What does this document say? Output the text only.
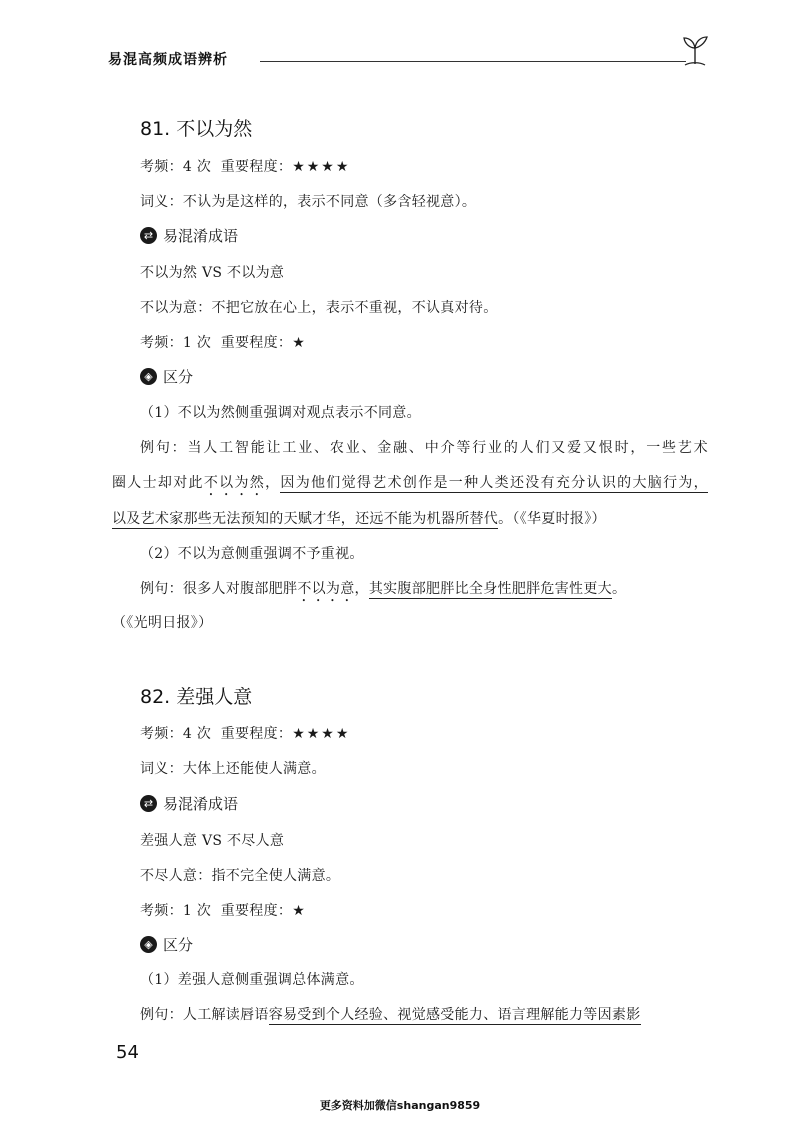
易混高频成语辨析
81. 不以为然
考频：4 次 重要程度：★★★★
词义：不认为是这样的，表示不同意（多含轻视意）。
⇄ 易混淆成语
不以为然 VS 不以为意
不以为意：不把它放在心上，表示不重视，不认真对待。
考频：1 次 重要程度：★
◈ 区分
（1）不以为然侧重强调对观点表示不同意。
例句：当人工智能让工业、农业、金融、中介等行业的人们又爱又恨时，一些艺术
圈人士却对此不以为然，因为他们觉得艺术创作是一种人类还没有充分认识的大脑行为，
以及艺术家那些无法预知的天赋才华，还远不能为机器所替代。（《华夏时报》）
（2）不以为意侧重强调不予重视。
例句：很多人对腹部肥胖不以为意，其实腹部肥胖比全身性肥胖危害性更大。
（《光明日报》）
82. 差强人意
考频：4 次 重要程度：★★★★
词义：大体上还能使人满意。
⇄ 易混淆成语
差强人意 VS 不尽人意
不尽人意：指不完全使人满意。
考频：1 次 重要程度：★
◈ 区分
（1）差强人意侧重强调总体满意。
例句：人工解读唇语容易受到个人经验、视觉感受能力、语言理解能力等因素影
54
更多资料加微信shangan9859
